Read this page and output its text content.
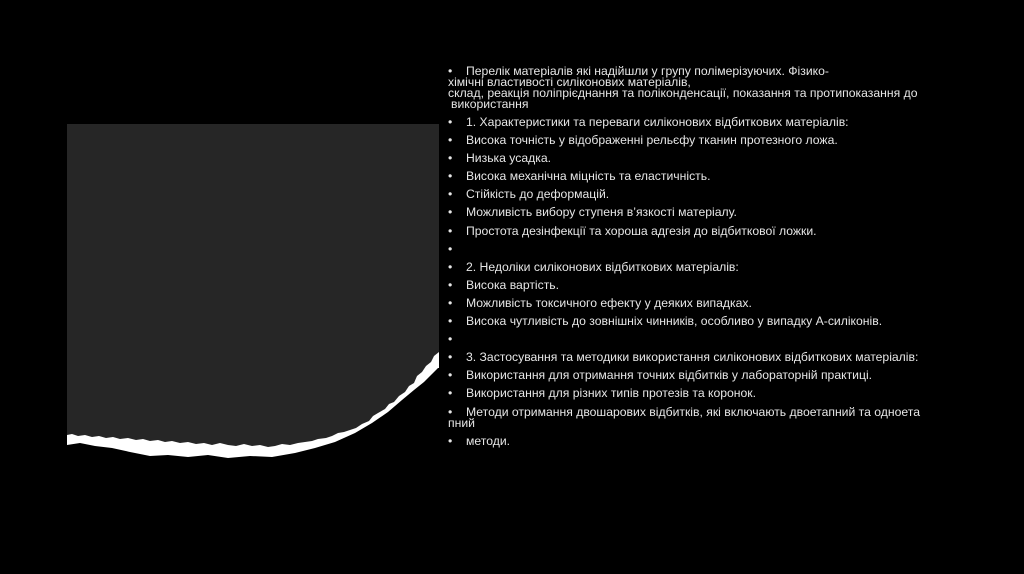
• Перелік матеріалів які надійшли у групу полімерізуючих. Фізико-
хімічні властивості силіконових матеріалів,
склад, реакція поліпрієднання та поліконденсації, показання та протипоказання до
використання
• 1. Характеристики та переваги силіконових відбиткових матеріалів:
• Висока точність у відображенні рельєфу тканин протезного ложа.
• Низька усадка.
• Висока механічна міцність та еластичність.
• Стійкість до деформацій.
• Можливість вибору ступеня в’язкості матеріалу.
• Простота дезінфекції та хороша адгезія до відбиткової ложки.
•
• 2. Недоліки силіконових відбиткових матеріалів:
• Висока вартість.
• Можливість токсичного ефекту у деяких випадках.
• Висока чутливість до зовнішніх чинників, особливо у випадку А-силіконів.
•
• 3. Застосування та методики використання силіконових відбиткових матеріалів:
• Використання для отримання точних відбитків у лабораторній практиці.
• Використання для різних типів протезів та коронок.
• Методи отримання двошарових відбитків, які включають двоетапний та одноета
пний
• методи.
